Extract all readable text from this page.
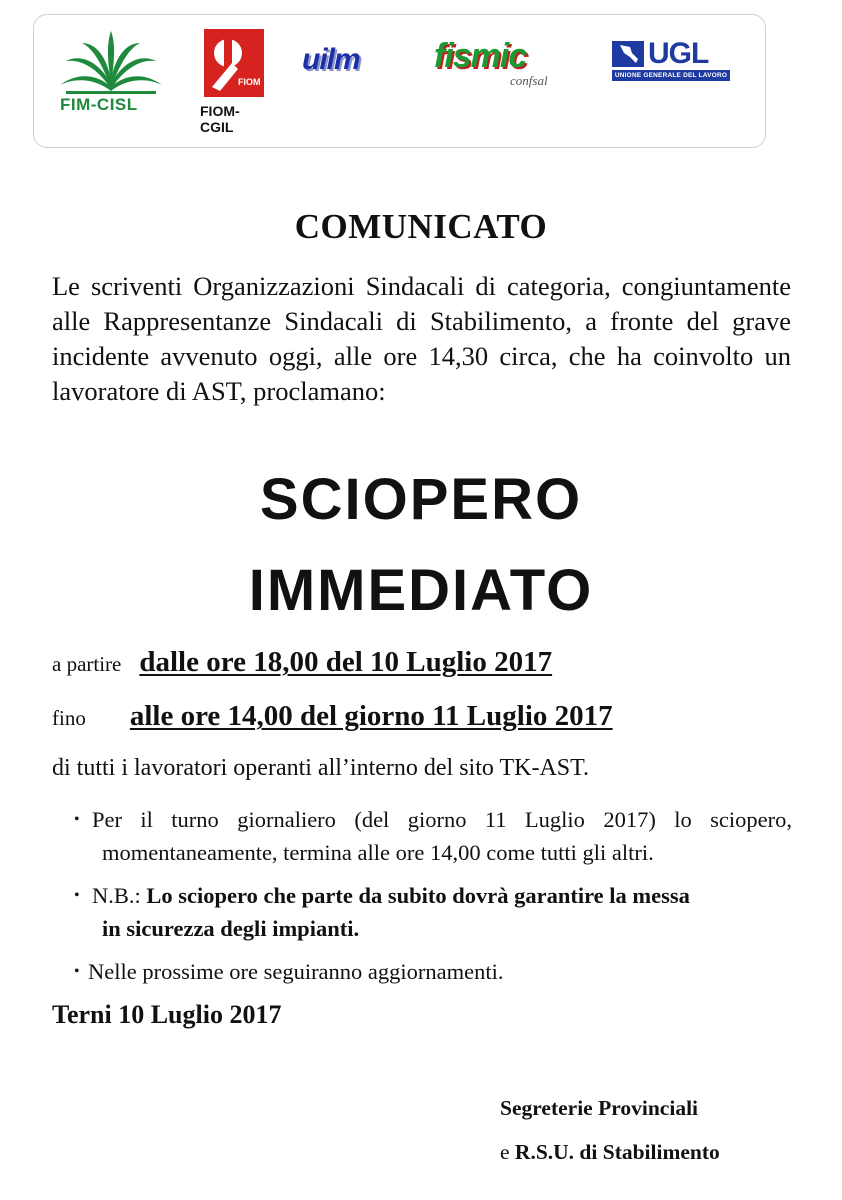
FIM-CISL
FIOM
FIOM-CGIL
uilm fismic
confsal
UGL
UNIONE GENERALE DEL LAVORO
COMUNICATO
Le scriventi Organizzazioni Sindacali di categoria, congiuntamente alle Rappresentanze Sindacali di Stabilimento, a fronte del grave incidente avvenuto oggi, alle ore 14,30 circa, che ha coinvolto un lavoratore di AST, proclamano:
SCIOPERO
IMMEDIATO
a partire dalle ore 18,00 del 10 Luglio 2017
fino alle ore 14,00 del giorno 11 Luglio 2017
di tutti i lavoratori operanti all’interno del sito TK-AST.
• Per il turno giornaliero (del giorno 11 Luglio 2017) lo sciopero,
momentaneamente, termina alle ore 14,00 come tutti gli altri.
• N.B.: Lo sciopero che parte da subito dovrà garantire la messa
in sicurezza degli impianti.
• Nelle prossime ore seguiranno aggiornamenti.
Terni 10 Luglio 2017
Segreterie Provinciali
e R.S.U. di Stabilimento
